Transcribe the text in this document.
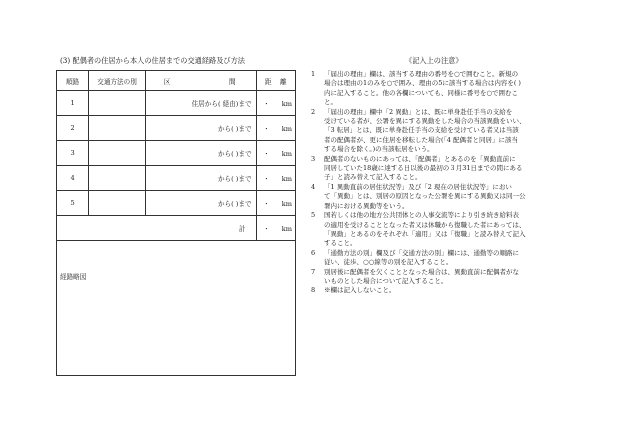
(3) 配偶者の住居から本人の住居までの交通経路及び方法
順路	交通方法の別	区 間	距 離
1		住居から( 経由)まで	・ km
2		から( )まで	・ km
3		から( )まで	・ km
4		から( )まで	・ km
5		から( )まで	・ km
計			・ km
経路略図
《記入上の注意》
1 「届出の理由」欄は、該当する理由の番号を○で囲むこと。新規の
場合は理由の1のみを○で囲み、理由の5に該当する場合は内容を( )
内に記入すること。他の各欄についても、同様に番号を○で囲むこ
と。
2 「届出の理由」欄中「2 異動」とは、既に単身赴任手当の支給を
受けている者が、公署を異にする異動をした場合の当該異動をいい、
「3 転居」とは、既に単身赴任手当の支給を受けている者又は当該
者の配偶者が、更に住居を移転した場合(「4 配偶者と同居」に該当
する場合を除く。)の当該転居をいう。
3 配偶者のないものにあっては、「配偶者」とあるのを「異動直前に
同居していた18歳に達する日以後の最初の３月31日までの間にある
子」と読み替えて記入すること。
4 「1 異動直前の居住状況等」及び「2 現在の居住状況等」におい
て「異動」とは、別居の原因となった公署を異にする異動又は同一公
署内における異動等をいう。
5 国若しくは他の地方公共団体との人事交流等により引き続き給料表
の適用を受けることとなった者又は休職から復職した者にあっては、
「異動」とあるのをそれぞれ「適用」又は「復職」と読み替えて記入
すること。
6 「通勤方法の別」欄及び「交通方法の別」欄には、通勤等の順路に
従い、徒歩、○○線等の別を記入すること。
7 別居後に配偶者を欠くこととなった場合は、異動直前に配偶者がな
いものとした場合について記入すること。
8 ※欄は記入しないこと。
